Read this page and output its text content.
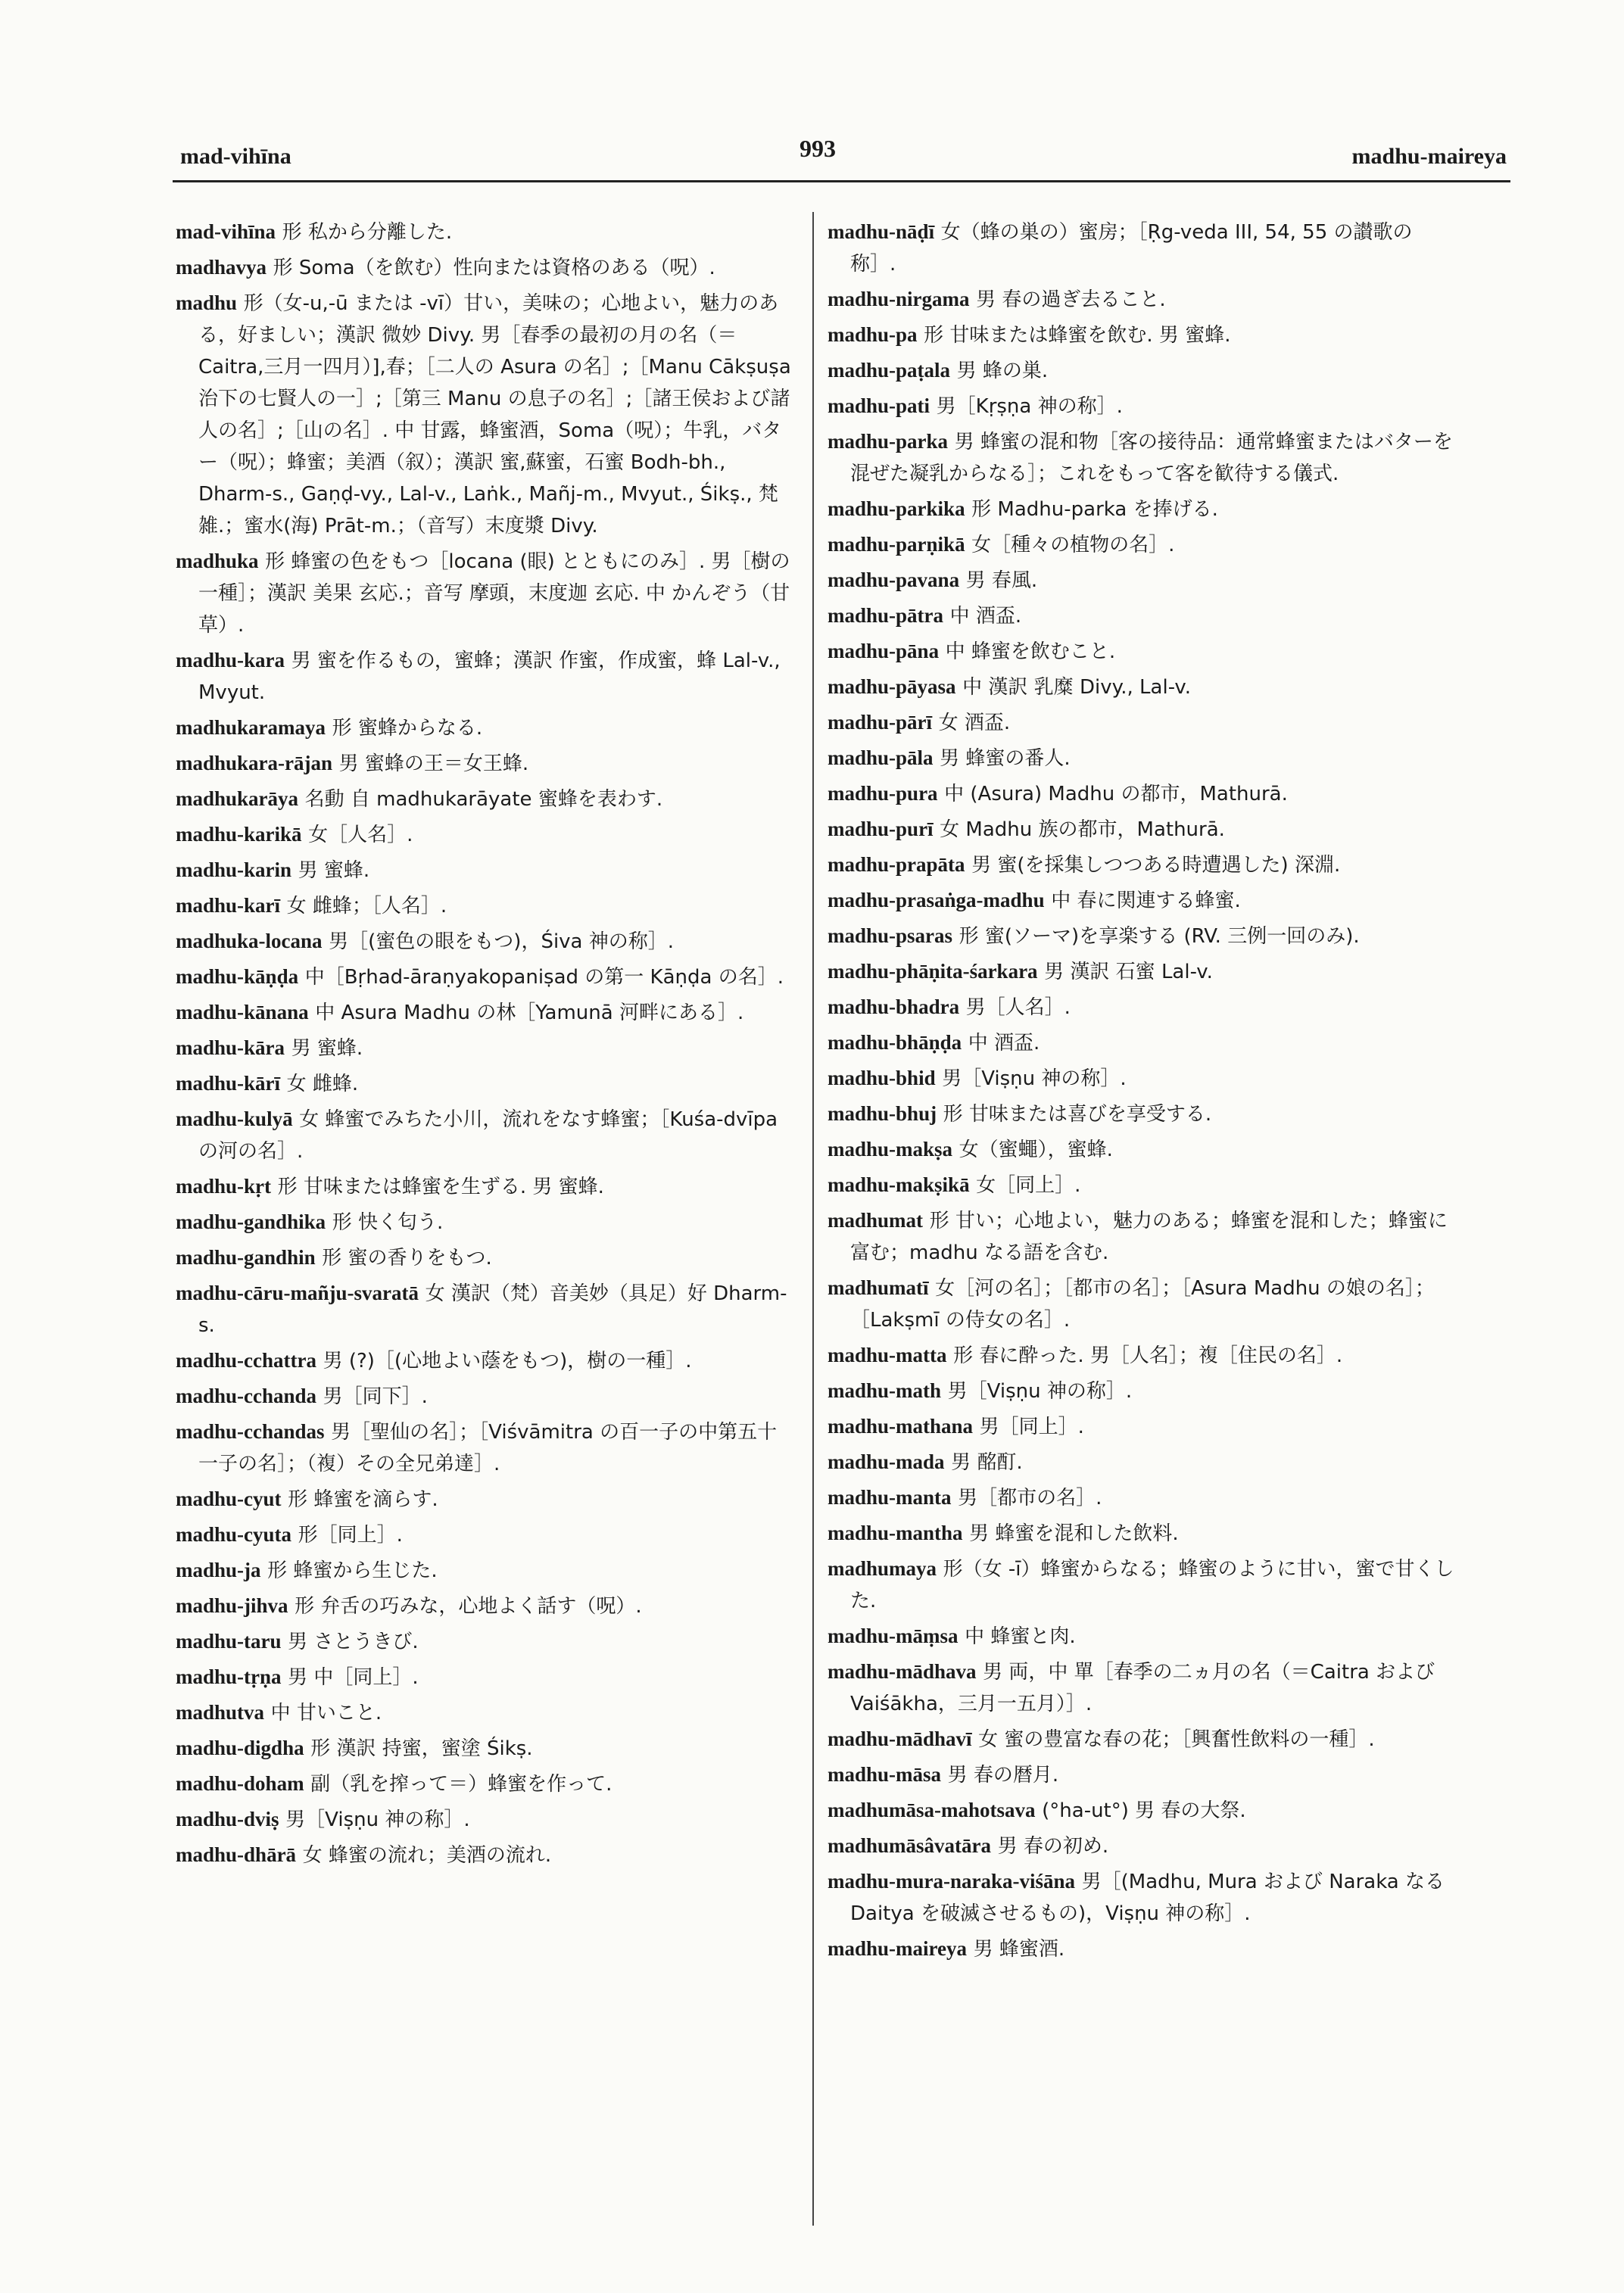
mad-vihīna	993	madhu-maireya
mad-vihīna 形 私から分離した.
madhavya 形 Soma（を飲む）性向または資格のある（呪）.
madhu 形（女-u,-ū または -vī）甘い，美味の；心地よい，魅力のある，好ましい；漢訳 微妙 Divy. 男［春季の最初の月の名（＝Caitra,三月一四月）],春；［二人の Asura の名］;［Manu Cākṣuṣa 治下の七賢人の一］;［第三 Manu の息子の名］;［諸王侯および諸人の名］;［山の名］. 中 甘露，蜂蜜酒，Soma（呪）；牛乳，バター（呪）；蜂蜜；美酒（叙）；漢訳 蜜,蘇蜜，石蜜 Bodh-bh., Dharm-s., Gaṇḍ-vy., Lal-v., Laṅk., Mañj-m., Mvyut., Śikṣ., 梵雑.；蜜水(海) Prāt-m.；（音写）末度漿 Divy.
madhuka 形 蜂蜜の色をもつ［locana (眼) とともにのみ］. 男［樹の一種］；漢訳 美果 玄応.；音写 摩頭，末度迦 玄応. 中 かんぞう（甘草）.
madhu-kara 男 蜜を作るもの，蜜蜂；漢訳 作蜜，作成蜜，蜂 Lal-v., Mvyut.
madhukaramaya 形 蜜蜂からなる.
madhukara-rājan 男 蜜蜂の王＝女王蜂.
madhukarāya 名動 自 madhukarāyate 蜜蜂を表わす.
madhu-karikā 女［人名］.
madhu-karin 男 蜜蜂.
madhu-karī 女 雌蜂；［人名］.
madhuka-locana 男［(蜜色の眼をもつ)，Śiva 神の称］.
madhu-kāṇḍa 中［Bṛhad-āraṇyakopaniṣad の第一 Kāṇḍa の名］.
madhu-kānana 中 Asura Madhu の林［Yamunā 河畔にある］.
madhu-kāra 男 蜜蜂.
madhu-kārī 女 雌蜂.
madhu-kulyā 女 蜂蜜でみちた小川，流れをなす蜂蜜；［Kuśa-dvīpa の河の名］.
madhu-kṛt 形 甘味または蜂蜜を生ずる. 男 蜜蜂.
madhu-gandhika 形 快く匂う.
madhu-gandhin 形 蜜の香りをもつ.
madhu-cāru-mañju-svaratā 女 漢訳（梵）音美妙（具足）好 Dharm-s.
madhu-cchattra 男 (?)［(心地よい蔭をもつ)，樹の一種］.
madhu-cchanda 男［同下］.
madhu-cchandas 男［聖仙の名］；［Viśvāmitra の百一子の中第五十一子の名］；（複）その全兄弟達］.
madhu-cyut 形 蜂蜜を滴らす.
madhu-cyuta 形［同上］.
madhu-ja 形 蜂蜜から生じた.
madhu-jihva 形 弁舌の巧みな，心地よく話す（呪）.
madhu-taru 男 さとうきび.
madhu-tṛṇa 男 中［同上］.
madhutva 中 甘いこと.
madhu-digdha 形 漢訳 持蜜，蜜塗 Śikṣ.
madhu-doham 副（乳を搾って＝）蜂蜜を作って.
madhu-dviṣ 男［Viṣṇu 神の称］.
madhu-dhārā 女 蜂蜜の流れ；美酒の流れ.
madhu-nāḍī 女（蜂の巣の）蜜房；［Ṛg-veda III, 54, 55 の讃歌の称］.
madhu-nirgama 男 春の過ぎ去ること.
madhu-pa 形 甘味または蜂蜜を飲む. 男 蜜蜂.
madhu-paṭala 男 蜂の巣.
madhu-pati 男［Kṛṣṇa 神の称］.
madhu-parka 男 蜂蜜の混和物［客の接待品：通常蜂蜜またはバターを混ぜた凝乳からなる］；これをもって客を歓待する儀式.
madhu-parkika 形 Madhu-parka を捧げる.
madhu-parṇikā 女［種々の植物の名］.
madhu-pavana 男 春風.
madhu-pātra 中 酒盃.
madhu-pāna 中 蜂蜜を飲むこと.
madhu-pāyasa 中 漢訳 乳糜 Divy., Lal-v.
madhu-pārī 女 酒盃.
madhu-pāla 男 蜂蜜の番人.
madhu-pura 中 (Asura) Madhu の都市，Mathurā.
madhu-purī 女 Madhu 族の都市，Mathurā.
madhu-prapāta 男 蜜(を採集しつつある時遭遇した) 深淵.
madhu-prasaṅga-madhu 中 春に関連する蜂蜜.
madhu-psaras 形 蜜(ソーマ)を享楽する (RV. 三例一回のみ).
madhu-phāṇita-śarkara 男 漢訳 石蜜 Lal-v.
madhu-bhadra 男［人名］.
madhu-bhāṇḍa 中 酒盃.
madhu-bhid 男［Viṣṇu 神の称］.
madhu-bhuj 形 甘味または喜びを享受する.
madhu-makṣa 女（蜜蠅），蜜蜂.
madhu-makṣikā 女［同上］.
madhumat 形 甘い；心地よい，魅力のある；蜂蜜を混和した；蜂蜜に富む；madhu なる語を含む.
madhumatī 女［河の名］；［都市の名］；［Asura Madhu の娘の名］；［Lakṣmī の侍女の名］.
madhu-matta 形 春に酔った. 男［人名］；複［住民の名］.
madhu-math 男［Viṣṇu 神の称］.
madhu-mathana 男［同上］.
madhu-mada 男 酩酊.
madhu-manta 男［都市の名］.
madhu-mantha 男 蜂蜜を混和した飲料.
madhumaya 形（女 -ī）蜂蜜からなる；蜂蜜のように甘い，蜜で甘くした.
madhu-māṃsa 中 蜂蜜と肉.
madhu-mādhava 男 両，中 單［春季の二ヵ月の名（＝Caitra および Vaiśākha，三月一五月）］.
madhu-mādhavī 女 蜜の豊富な春の花；［興奮性飲料の一種］.
madhu-māsa 男 春の暦月.
madhumāsa-mahotsava (°ha-ut°) 男 春の大祭.
madhumāsâvatāra 男 春の初め.
madhu-mura-naraka-viśāna 男［(Madhu, Mura および Naraka なる Daitya を破滅させるもの)，Viṣṇu 神の称］.
madhu-maireya 男 蜂蜜酒.
